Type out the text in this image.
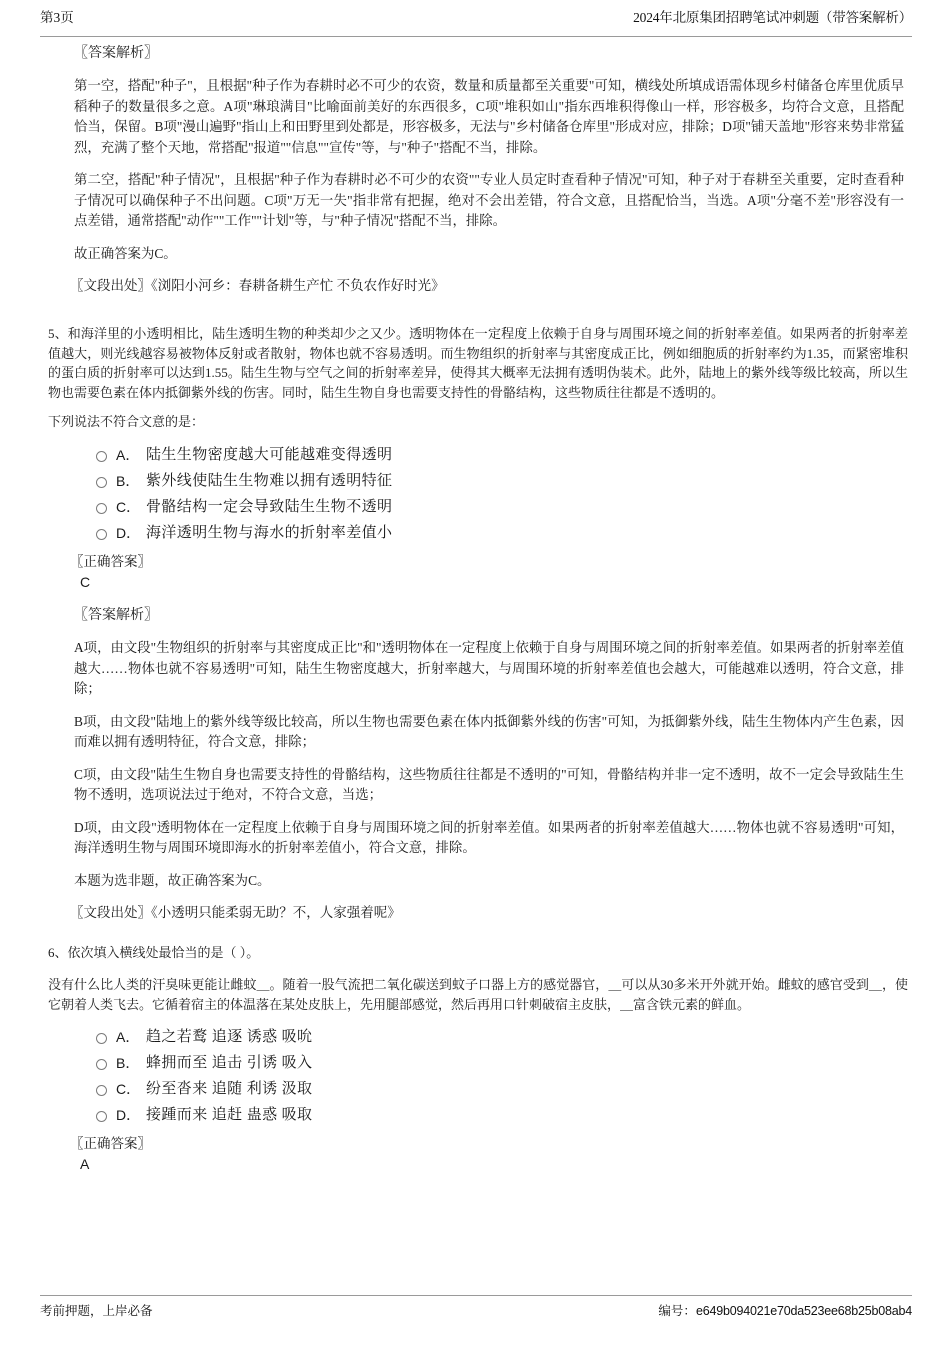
第3页	2024年北原集团招聘笔试冲刺题（带答案解析）
〖答案解析〗
第一空，搭配"种子"，且根据"种子作为春耕时必不可少的农资，数量和质量都至关重要"可知，横线处所填成语需体现乡村储备仓库里优质早稻种子的数量很多之意。A项"琳琅满目"比喻面前美好的东西很多，C项"堆积如山"指东西堆积得像山一样，形容极多，均符合文意，且搭配恰当，保留。B项"漫山遍野"指山上和田野里到处都是，形容极多，无法与"乡村储备仓库里"形成对应，排除；D项"铺天盖地"形容来势非常猛烈，充满了整个天地，常搭配"报道""信息""宣传"等，与"种子"搭配不当，排除。
第二空，搭配"种子情况"，且根据"种子作为春耕时必不可少的农资""专业人员定时查看种子情况"可知，种子对于春耕至关重要，定时查看种子情况可以确保种子不出问题。C项"万无一失"指非常有把握，绝对不会出差错，符合文意，且搭配恰当，当选。A项"分毫不差"形容没有一点差错，通常搭配"动作""工作""计划"等，与"种子情况"搭配不当，排除。
故正确答案为C。
〖文段出处〗《浏阳小河乡：春耕备耕生产忙 不负农作好时光》
5、和海洋里的小透明相比，陆生透明生物的种类却少之又少。透明物体在一定程度上依赖于自身与周围环境之间的折射率差值。如果两者的折射率差值越大，则光线越容易被物体反射或者散射，物体也就不容易透明。而生物组织的折射率与其密度成正比，例如细胞质的折射率约为1.35，而紧密堆积的蛋白质的折射率可以达到1.55。陆生生物与空气之间的折射率差异，使得其大概率无法拥有透明伪装术。此外，陆地上的紫外线等级比较高，所以生物也需要色素在体内抵御紫外线的伤害。同时，陆生生物自身也需要支持性的骨骼结构，这些物质往往都是不透明的。
下列说法不符合文意的是：
A． 陆生生物密度越大可能越难变得透明
B． 紫外线使陆生生物难以拥有透明特征
C． 骨骼结构一定会导致陆生生物不透明
D． 海洋透明生物与海水的折射率差值小
〖正确答案〗
C
〖答案解析〗
A项，由文段"生物组织的折射率与其密度成正比"和"透明物体在一定程度上依赖于自身与周围环境之间的折射率差值。如果两者的折射率差值越大……物体也就不容易透明"可知，陆生生物密度越大，折射率越大，与周围环境的折射率差值也会越大，可能越难以透明，符合文意，排除；
B项，由文段"陆地上的紫外线等级比较高，所以生物也需要色素在体内抵御紫外线的伤害"可知，为抵御紫外线，陆生生物体内产生色素，因而难以拥有透明特征，符合文意，排除；
C项，由文段"陆生生物自身也需要支持性的骨骼结构，这些物质往往都是不透明的"可知，骨骼结构并非一定不透明，故不一定会导致陆生生物不透明，选项说法过于绝对，不符合文意，当选；
D项，由文段"透明物体在一定程度上依赖于自身与周围环境之间的折射率差值。如果两者的折射率差值越大……物体也就不容易透明"可知，海洋透明生物与周围环境即海水的折射率差值小，符合文意，排除。
本题为选非题，故正确答案为C。
〖文段出处〗《小透明只能柔弱无助？不，人家强着呢》
6、依次填入横线处最恰当的是（ ）。
没有什么比人类的汗臭味更能让雌蚊＿。随着一股气流把二氧化碳送到蚊子口器上方的感觉器官，＿可以从30多米开外就开始。雌蚊的感官受到＿，使它朝着人类飞去。它循着宿主的体温落在某处皮肤上，先用腿部感觉，然后再用口针刺破宿主皮肤，＿富含铁元素的鲜血。
A． 趋之若鹜 追逐 诱惑 吸吮
B． 蜂拥而至 追击 引诱 吸入
C． 纷至沓来 追随 利诱 汲取
D． 接踵而来 追赶 蛊惑 吸取
〖正确答案〗
A
考前押题，上岸必备	编号：e649b094021e70da523ee68b25b08ab4
